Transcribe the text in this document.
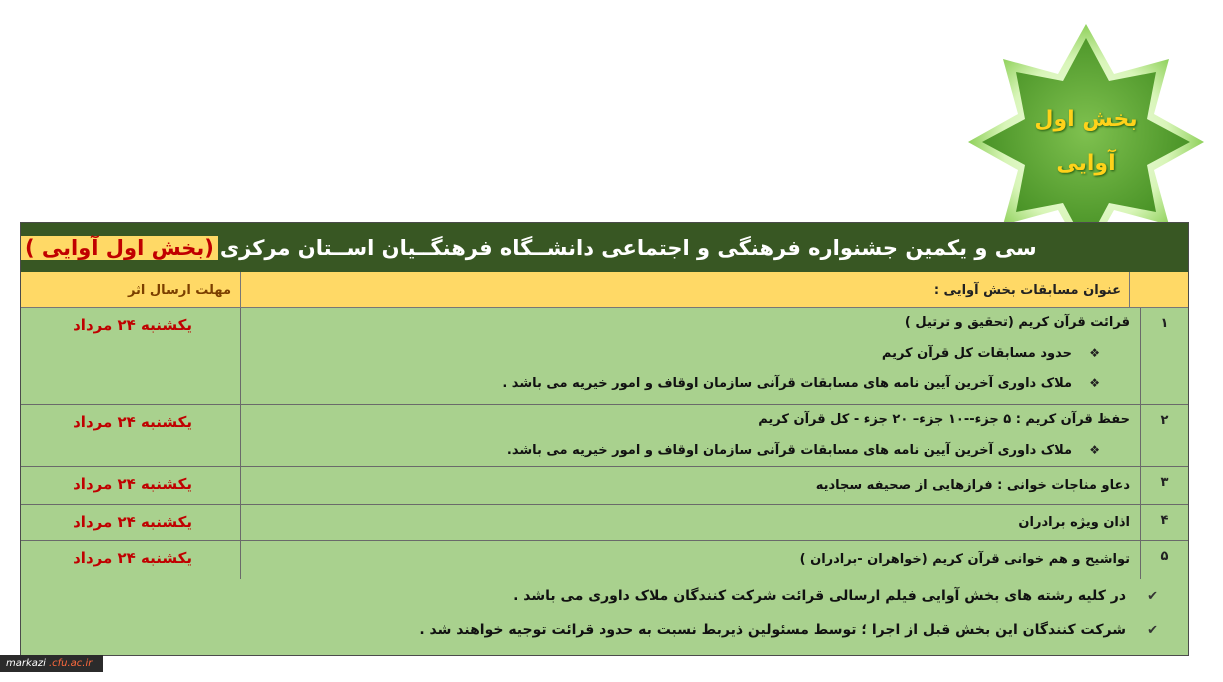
بخش اول
آوایی
سی و یکمین جشنواره فرهنگی و اجتماعی دانشــگاه فرهنگــیان اســتان مرکزی
(بخش اول آوایی )
عنوان مسابقات بخش آوایی :
مهلت ارسال اثر
۱
قرائت قرآن کریم (تحقیق و ترتیل )
❖حدود مسابقات کل قرآن کریم
❖ملاک داوری آخرین آیین نامه های مسابقات قرآنی سازمان اوقاف و امور خیریه می باشد .
یکشنبه ۲۴ مرداد
۲
حفظ قرآن کریم : ۵ جزء--۱۰ جزء– ۲۰ جزء - کل قرآن کریم
❖ملاک داوری آخرین آیین نامه های مسابقات قرآنی سازمان اوقاف و امور خیریه می باشد.
یکشنبه ۲۴ مرداد
۳
دعاو مناجات خوانی : فرازهایی از صحیفه سجادیه
یکشنبه ۲۴ مرداد
۴
اذان ویژه برادران
یکشنبه ۲۴ مرداد
۵
تواشیح و هم خوانی قرآن کریم (خواهران -برادران )
یکشنبه ۲۴ مرداد
✔در کلیه رشته های بخش آوایی فیلم ارسالی قرائت شرکت کنندگان ملاک داوری می باشد .
✔شرکت کنندگان این بخش قبل از اجرا ؛ توسط مسئولین ذیربط نسبت به حدود قرائت توجیه خواهند شد .
markazi .cfu.ac.ir
